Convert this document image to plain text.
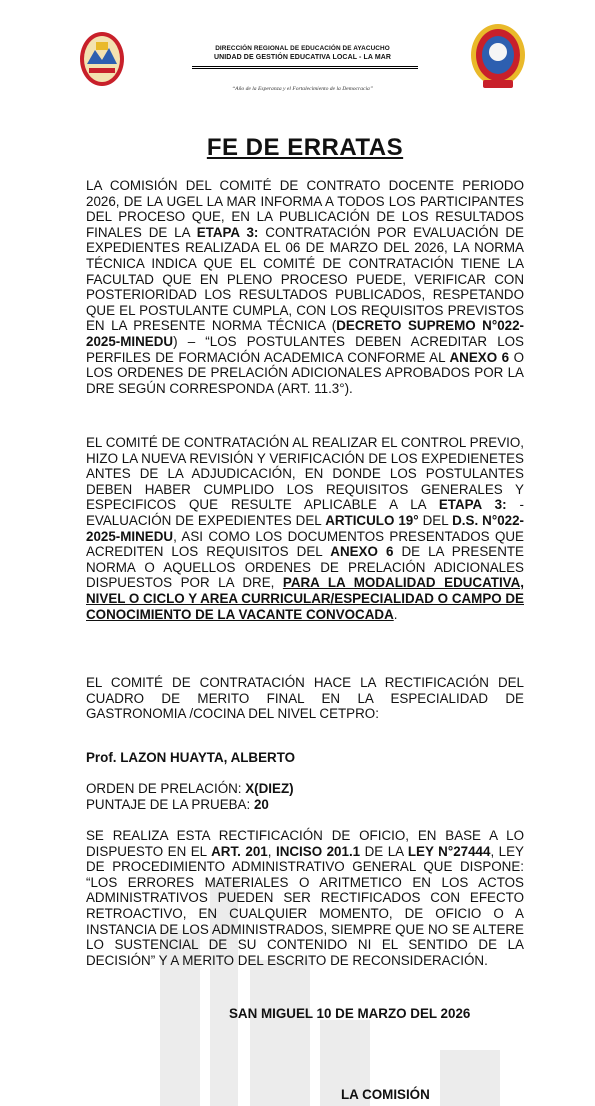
DIRECCIÓN REGIONAL DE EDUCACIÓN DE AYACUCHO
UNIDAD DE GESTIÓN EDUCATIVA LOCAL - LA MAR
“Año de la Esperanza y el Fortalecimiento de la Democracia”
FE DE ERRATAS
LA COMISIÓN DEL COMITÉ DE CONTRATO DOCENTE PERIODO 2026, DE LA UGEL LA MAR INFORMA A TODOS LOS PARTICIPANTES DEL PROCESO QUE, EN LA PUBLICACIÓN DE LOS RESULTADOS FINALES DE LA ETAPA 3: CONTRATACIÓN POR EVALUACIÓN DE EXPEDIENTES REALIZADA EL 06 DE MARZO DEL 2026, LA NORMA TÉCNICA INDICA QUE EL COMITÉ DE CONTRATACIÓN TIENE LA FACULTAD QUE EN PLENO PROCESO PUEDE, VERIFICAR CON POSTERIORIDAD LOS RESULTADOS PUBLICADOS, RESPETANDO QUE EL POSTULANTE CUMPLA, CON LOS REQUISITOS PREVISTOS EN LA PRESENTE NORMA TÉCNICA (DECRETO SUPREMO N°022-2025-MINEDU) – “LOS POSTULANTES DEBEN ACREDITAR LOS PERFILES DE FORMACIÓN ACADEMICA CONFORME AL ANEXO 6 O LOS ORDENES DE PRELACIÓN ADICIONALES APROBADOS POR LA DRE SEGÚN CORRESPONDA (ART. 11.3°).
EL COMITÉ DE CONTRATACIÓN AL REALIZAR EL CONTROL PREVIO, HIZO LA NUEVA REVISIÓN Y VERIFICACIÓN DE LOS EXPEDIENETES ANTES DE LA ADJUDICACIÓN, EN DONDE LOS POSTULANTES DEBEN HABER CUMPLIDO LOS REQUISITOS GENERALES Y ESPECIFICOS QUE RESULTE APLICABLE A LA ETAPA 3: - EVALUACIÓN DE EXPEDIENTES DEL ARTICULO 19° DEL D.S. N°022-2025-MINEDU, ASI COMO LOS DOCUMENTOS PRESENTADOS QUE ACREDITEN LOS REQUISITOS DEL ANEXO 6 DE LA PRESENTE NORMA O AQUELLOS ORDENES DE PRELACIÓN ADICIONALES DISPUESTOS POR LA DRE, PARA LA MODALIDAD EDUCATIVA, NIVEL O CICLO Y AREA CURRICULAR/ESPECIALIDAD O CAMPO DE CONOCIMIENTO DE LA VACANTE CONVOCADA.
EL COMITÉ DE CONTRATACIÓN HACE LA RECTIFICACIÓN DEL CUADRO DE MERITO FINAL EN LA ESPECIALIDAD DE GASTRONOMIA /COCINA DEL NIVEL CETPRO:
Prof. LAZON HUAYTA, ALBERTO
ORDEN DE PRELACIÓN: X(DIEZ)
PUNTAJE DE LA PRUEBA: 20
SE REALIZA ESTA RECTIFICACIÓN DE OFICIO, EN BASE A LO DISPUESTO EN EL ART. 201, INCISO 201.1 DE LA LEY N°27444, LEY DE PROCEDIMIENTO ADMINISTRATIVO GENERAL QUE DISPONE: “LOS ERRORES MATERIALES O ARITMETICO EN LOS ACTOS ADMINISTRATIVOS PUEDEN SER RECTIFICADOS CON EFECTO RETROACTIVO, EN CUALQUIER MOMENTO, DE OFICIO O A INSTANCIA DE LOS ADMINISTRADOS, SIEMPRE QUE NO SE ALTERE LO SUSTENCIAL DE SU CONTENIDO NI EL SENTIDO DE LA DECISIÓN” Y A MERITO DEL ESCRITO DE RECONSIDERACIÓN.
SAN MIGUEL 10 DE MARZO DEL 2026
LA COMISIÓN
